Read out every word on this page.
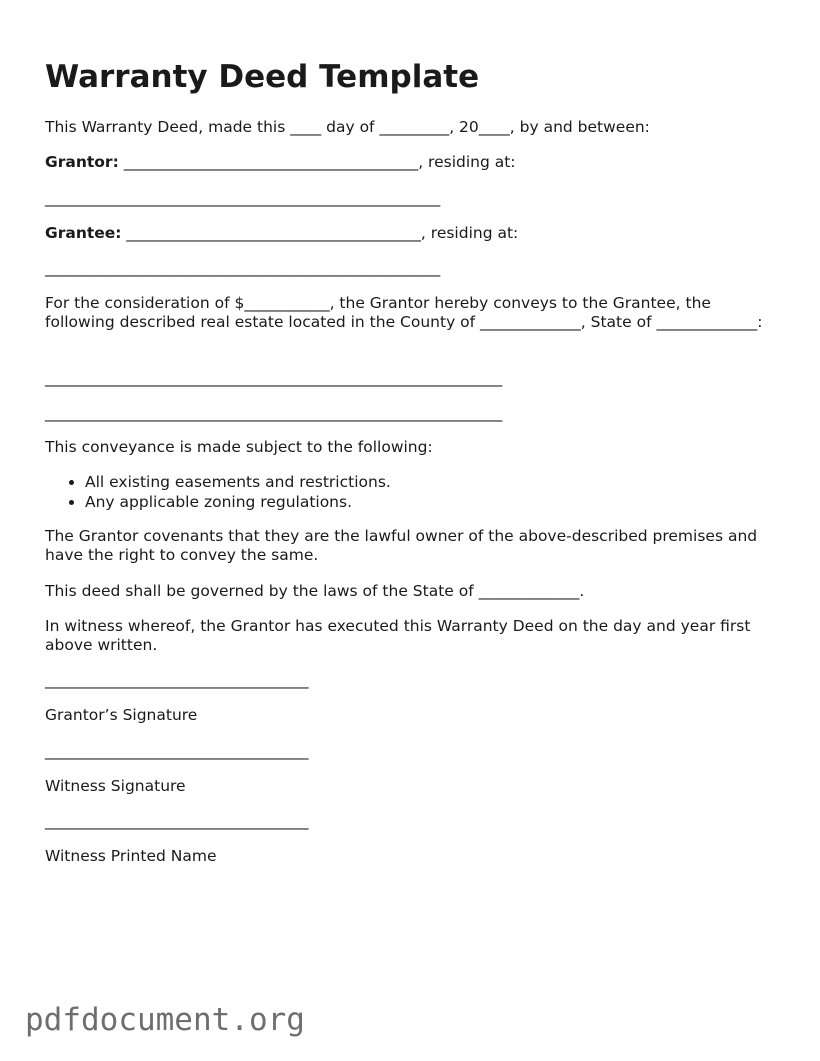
Warranty Deed Template
This Warranty Deed, made this ____ day of _________, 20____, by and between:
Grantor: ______________________________________, residing at:
___________________________________________________
Grantee: ______________________________________, residing at:
___________________________________________________
For the consideration of $___________, the Grantor hereby conveys to the Grantee, the following described real estate located in the County of _____________, State of _____________:
___________________________________________________________
___________________________________________________________
This conveyance is made subject to the following:
• All existing easements and restrictions.
• Any applicable zoning regulations.
The Grantor covenants that they are the lawful owner of the above-described premises and have the right to convey the same.
This deed shall be governed by the laws of the State of _____________.
In witness whereof, the Grantor has executed this Warranty Deed on the day and year first above written.
__________________________________
Grantor’s Signature
__________________________________
Witness Signature
__________________________________
Witness Printed Name
pdfdocument.org
